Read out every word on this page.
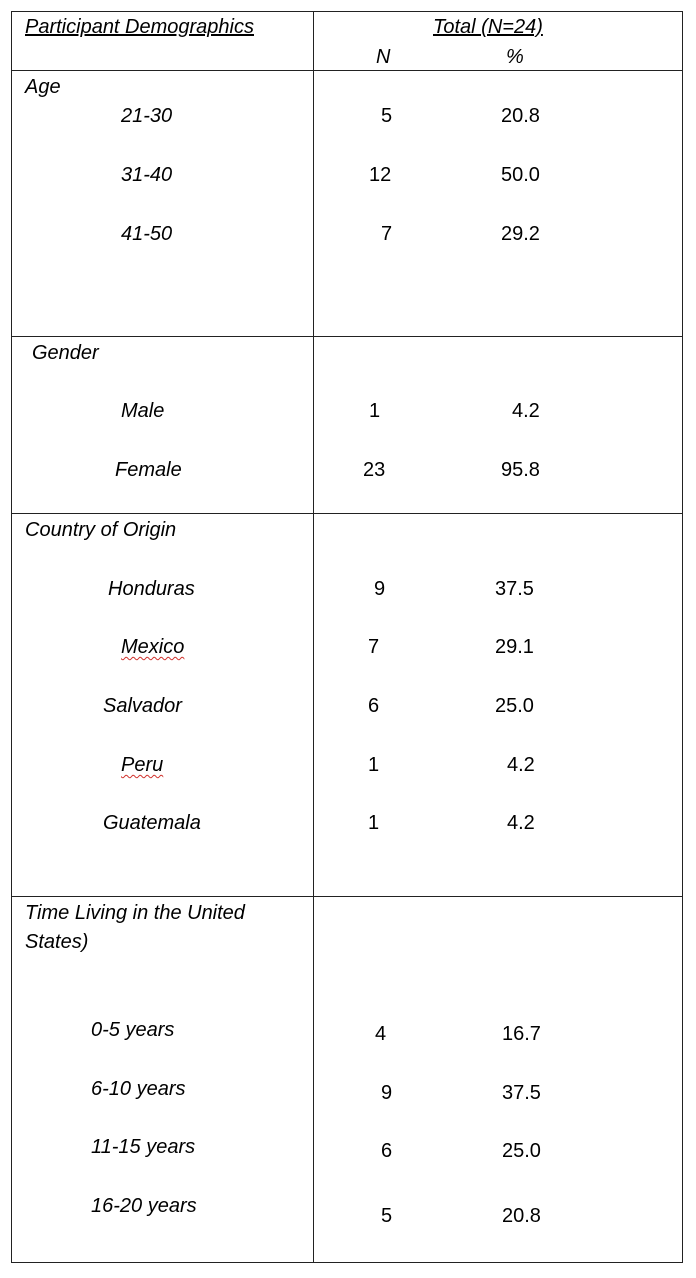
Participant Demographics	Total (N=24)
N	%
Age
21-30	5	20.8
31-40	12	50.0
41-50	7	29.2
Gender
Male	1	4.2
Female	23	95.8
Country of Origin
Honduras	9	37.5
Mexico	7	29.1
Salvador	6	25.0
Peru	1	4.2
Guatemala	1	4.2
Time Living in the United
States)
0-5 years	4	16.7
6-10 years	9	37.5
11-15 years	6	25.0
16-20 years	5	20.8
